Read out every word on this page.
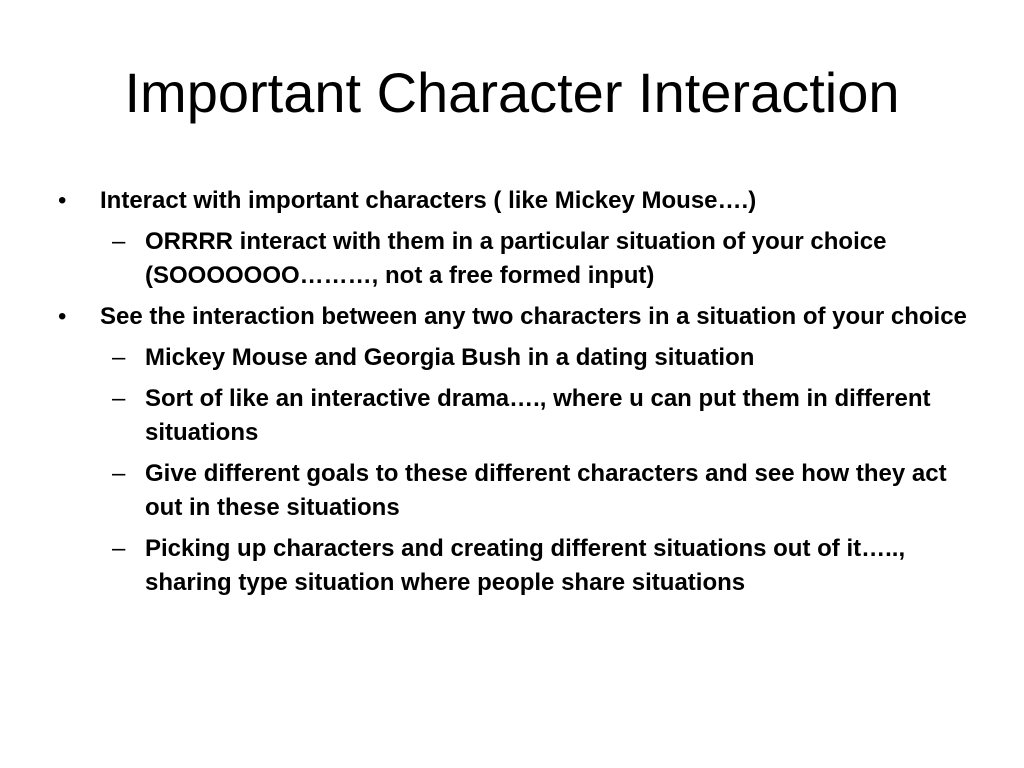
Important Character Interaction
• Interact with important characters ( like Mickey Mouse….)
– ORRRR interact with them in a particular situation of your choice (SOOOOOOO………, not a free formed input)
• See the interaction between any two characters in a situation of your choice
– Mickey Mouse and Georgia Bush in a dating situation
– Sort of like an interactive drama…., where u can put them in different situations
– Give different goals to these different characters and see how they act out in these situations
– Picking up characters and creating different situations out of it….., sharing type situation where people share situations
